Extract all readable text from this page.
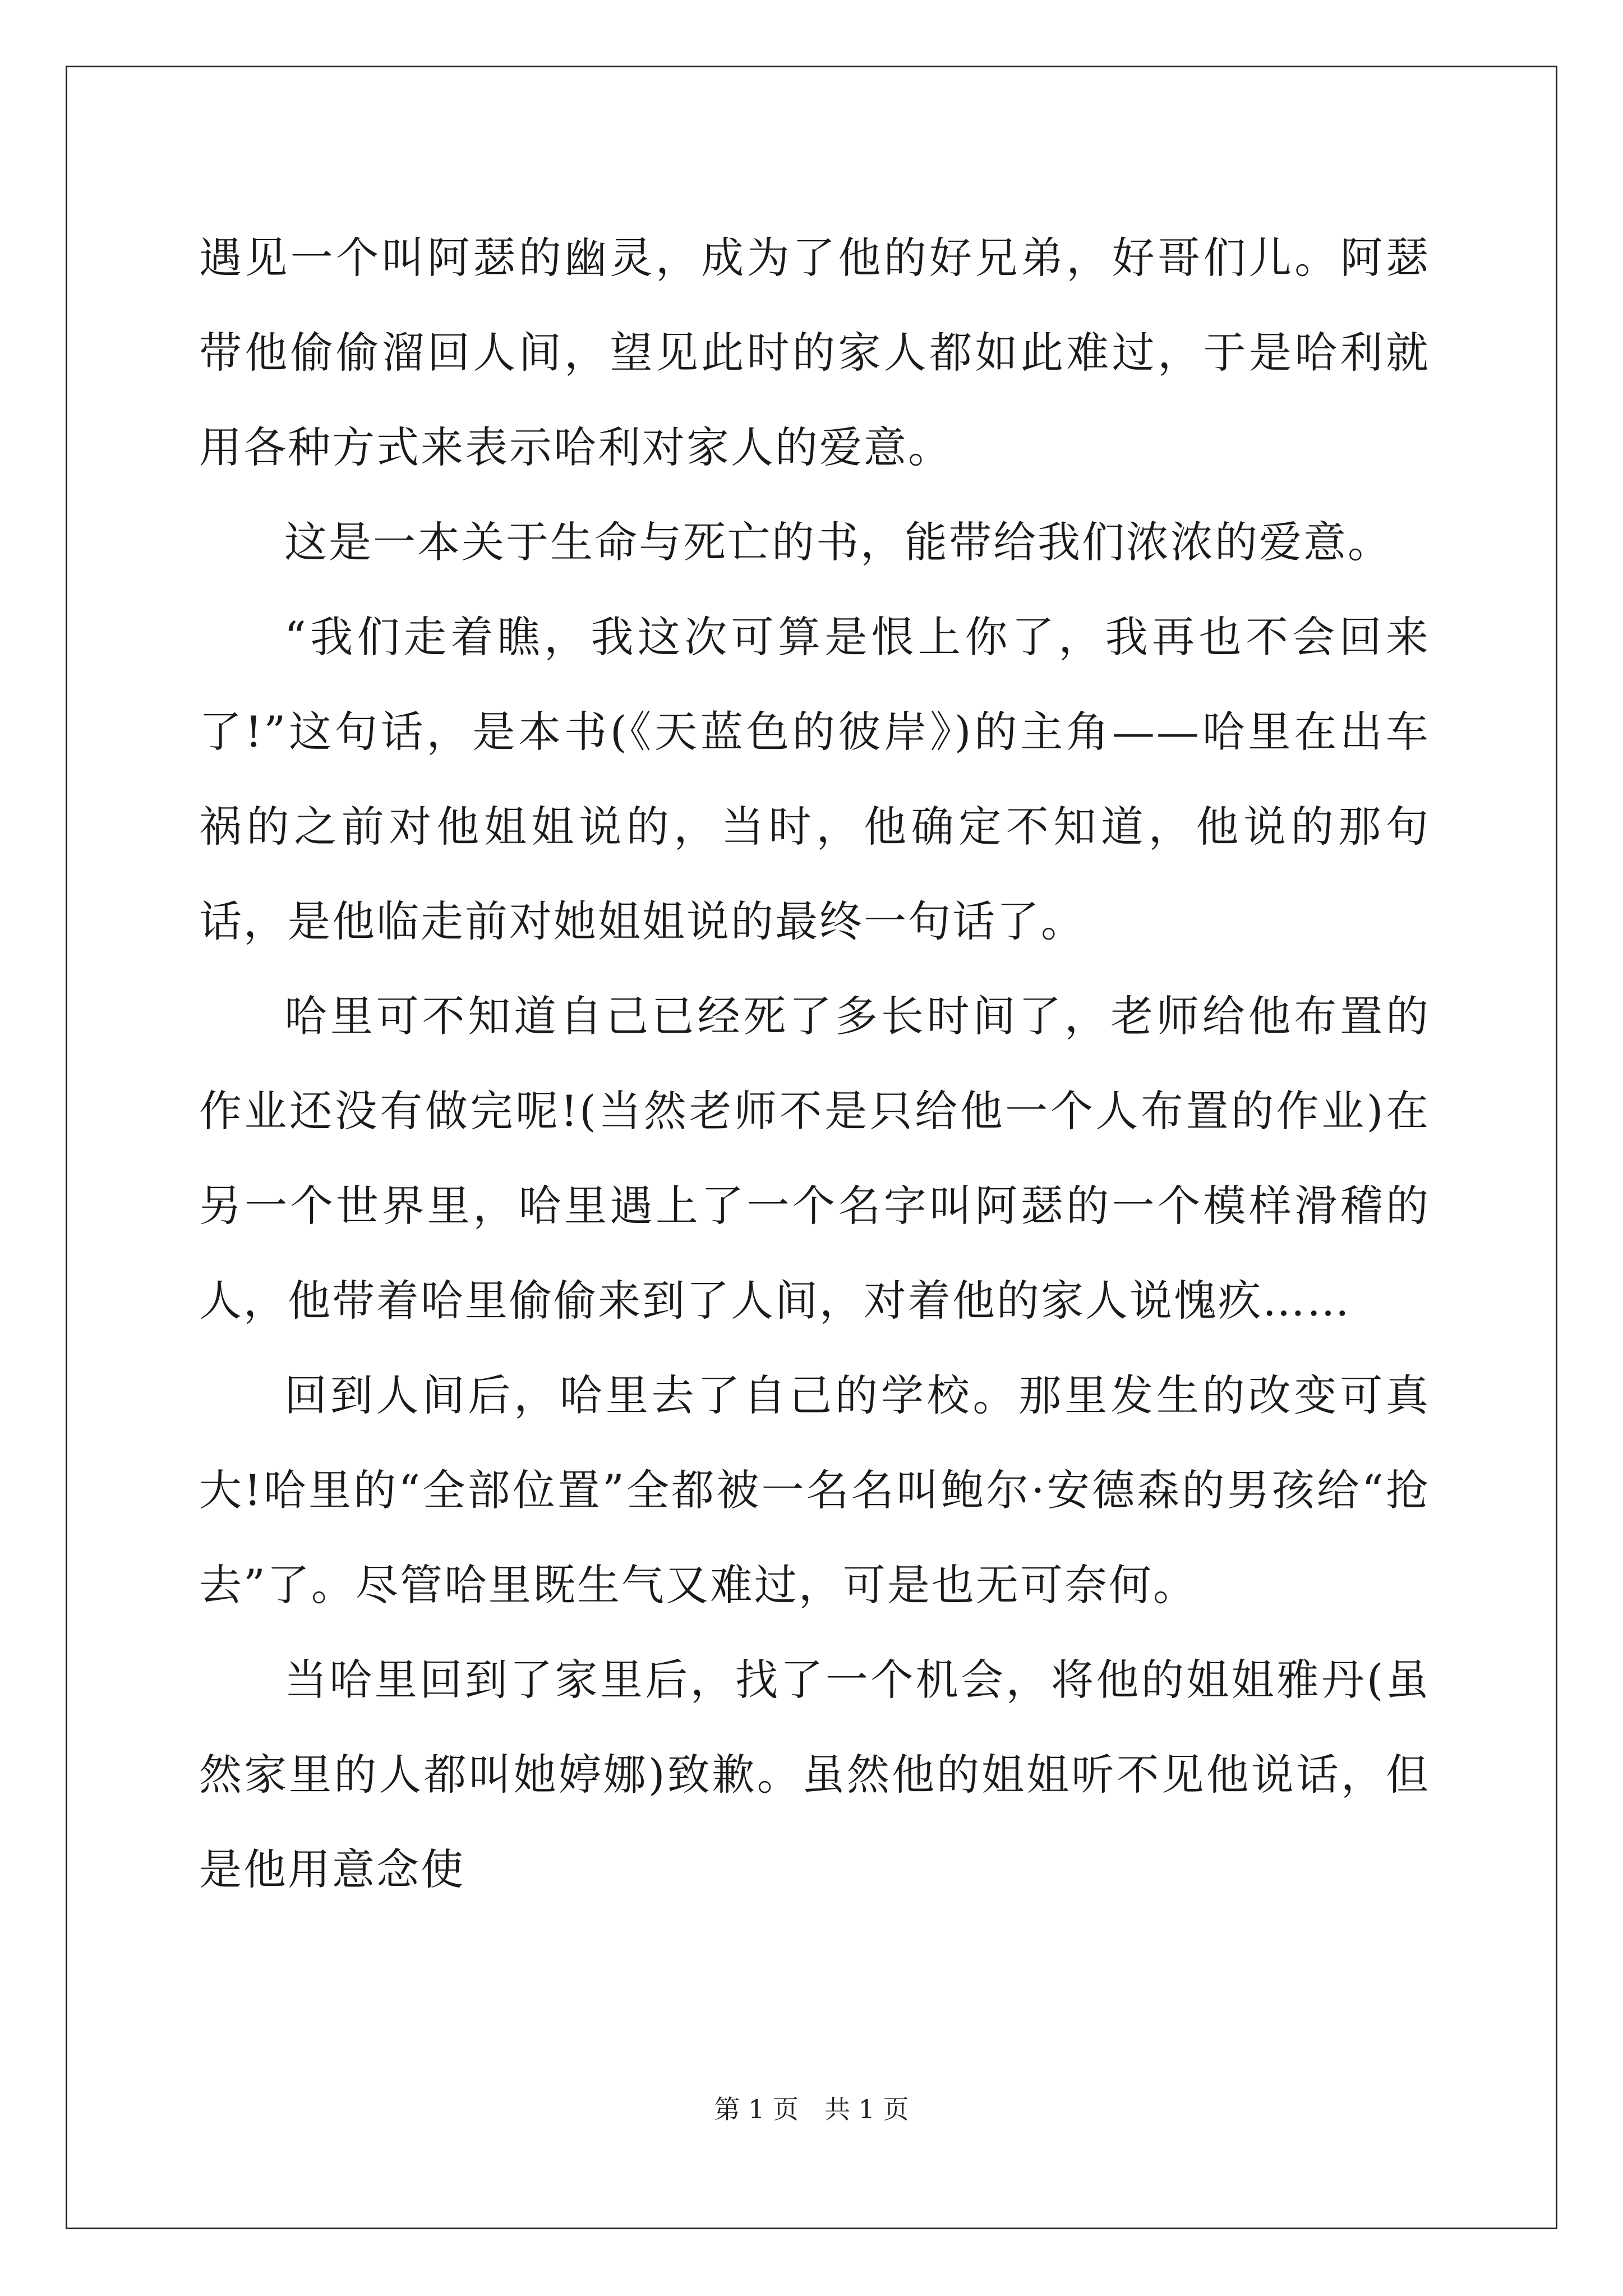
遇见一个叫阿瑟的幽灵，成为了他的好兄弟，好哥们儿。阿瑟带他偷偷溜回人间，望见此时的家人都如此难过，于是哈利就用各种方式来表示哈利对家人的爱意。

这是一本关于生命与死亡的书，能带给我们浓浓的爱意。

“我们走着瞧，我这次可算是恨上你了，我再也不会回来了!”这句话，是本书(《天蓝色的彼岸》)的主角——哈里在出车祸的之前对他姐姐说的，当时，他确定不知道，他说的那句话，是他临走前对她姐姐说的最终一句话了。

哈里可不知道自己已经死了多长时间了，老师给他布置的作业还没有做完呢!(当然老师不是只给他一个人布置的作业)在另一个世界里，哈里遇上了一个名字叫阿瑟的一个模样滑稽的人，他带着哈里偷偷来到了人间，对着他的家人说愧疚……

回到人间后，哈里去了自己的学校。那里发生的改变可真大!哈里的“全部位置”全都被一名名叫鲍尔·安德森的男孩给“抢去”了。尽管哈里既生气又难过，可是也无可奈何。

当哈里回到了家里后，找了一个机会，将他的姐姐雅丹(虽然家里的人都叫她婷娜)致歉。虽然他的姐姐听不见他说话，但是他用意念使

第 1 页　共 1 页
